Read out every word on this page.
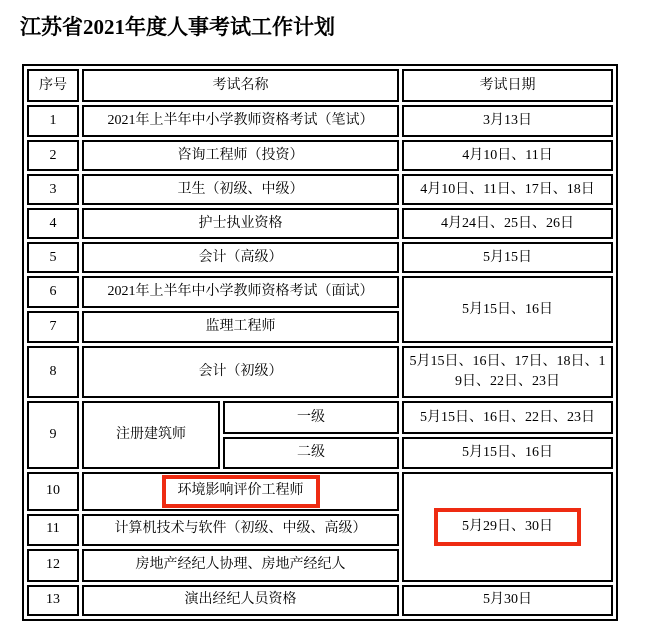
江苏省2021年度人事考试工作计划
序号	考试名称		考试日期
1	2021年上半年中小学教师资格考试（笔试）		3月13日
2	咨询工程师（投资）		4月10日、11日
3	卫生（初级、中级）		4月10日、11日、17日、18日
4	护士执业资格		4月24日、25日、26日
5	会计（高级）		5月15日
6	2021年上半年中小学教师资格考试（面试）		5月15日、16日
7	监理工程师		
8	会计（初级）		5月15日、16日、17日、18日、19日、22日、23日
9	注册建筑师	一级	5月15日、16日、22日、23日
		二级	5月15日、16日
10	环境影响评价工程师		5月29日、30日
11	计算机技术与软件（初级、中级、高级）		
12	房地产经纪人协理、房地产经纪人		
13	演出经纪人员资格		5月30日
